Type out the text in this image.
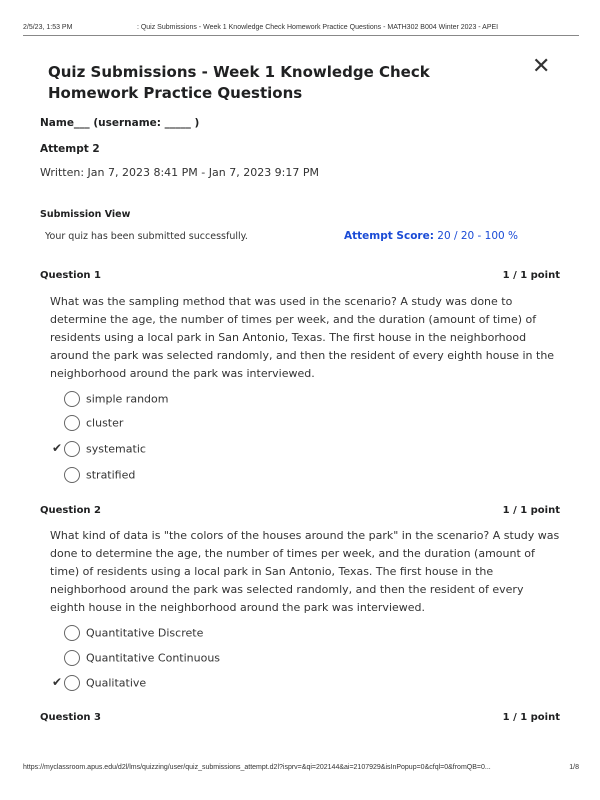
2/5/23, 1:53 PM	: Quiz Submissions - Week 1 Knowledge Check Homework Practice Questions - MATH302 B004 Winter 2023 - APEI
Quiz Submissions - Week 1 Knowledge Check Homework Practice Questions
✕
Name___ (username: _____ )
Attempt 2
Written: Jan 7, 2023 8:41 PM - Jan 7, 2023 9:17 PM
Submission View
Your quiz has been submitted successfully.	Attempt Score: 20 / 20 - 100 %
Question 1	1 / 1 point
What was the sampling method that was used in the scenario? A study was done to determine the age, the number of times per week, and the duration (amount of time) of residents using a local park in San Antonio, Texas. The first house in the neighborhood around the park was selected randomly, and then the resident of every eighth house in the neighborhood around the park was interviewed.
simple random
cluster
✔ systematic
stratified
Question 2	1 / 1 point
What kind of data is "the colors of the houses around the park" in the scenario? A study was done to determine the age, the number of times per week, and the duration (amount of time) of residents using a local park in San Antonio, Texas. The first house in the neighborhood around the park was selected randomly, and then the resident of every eighth house in the neighborhood around the park was interviewed.
Quantitative Discrete
Quantitative Continuous
✔ Qualitative
Question 3	1 / 1 point
https://myclassroom.apus.edu/d2l/lms/quizzing/user/quiz_submissions_attempt.d2l?isprv=&qi=202144&ai=2107929&isInPopup=0&cfql=0&fromQB=0...	1/8
